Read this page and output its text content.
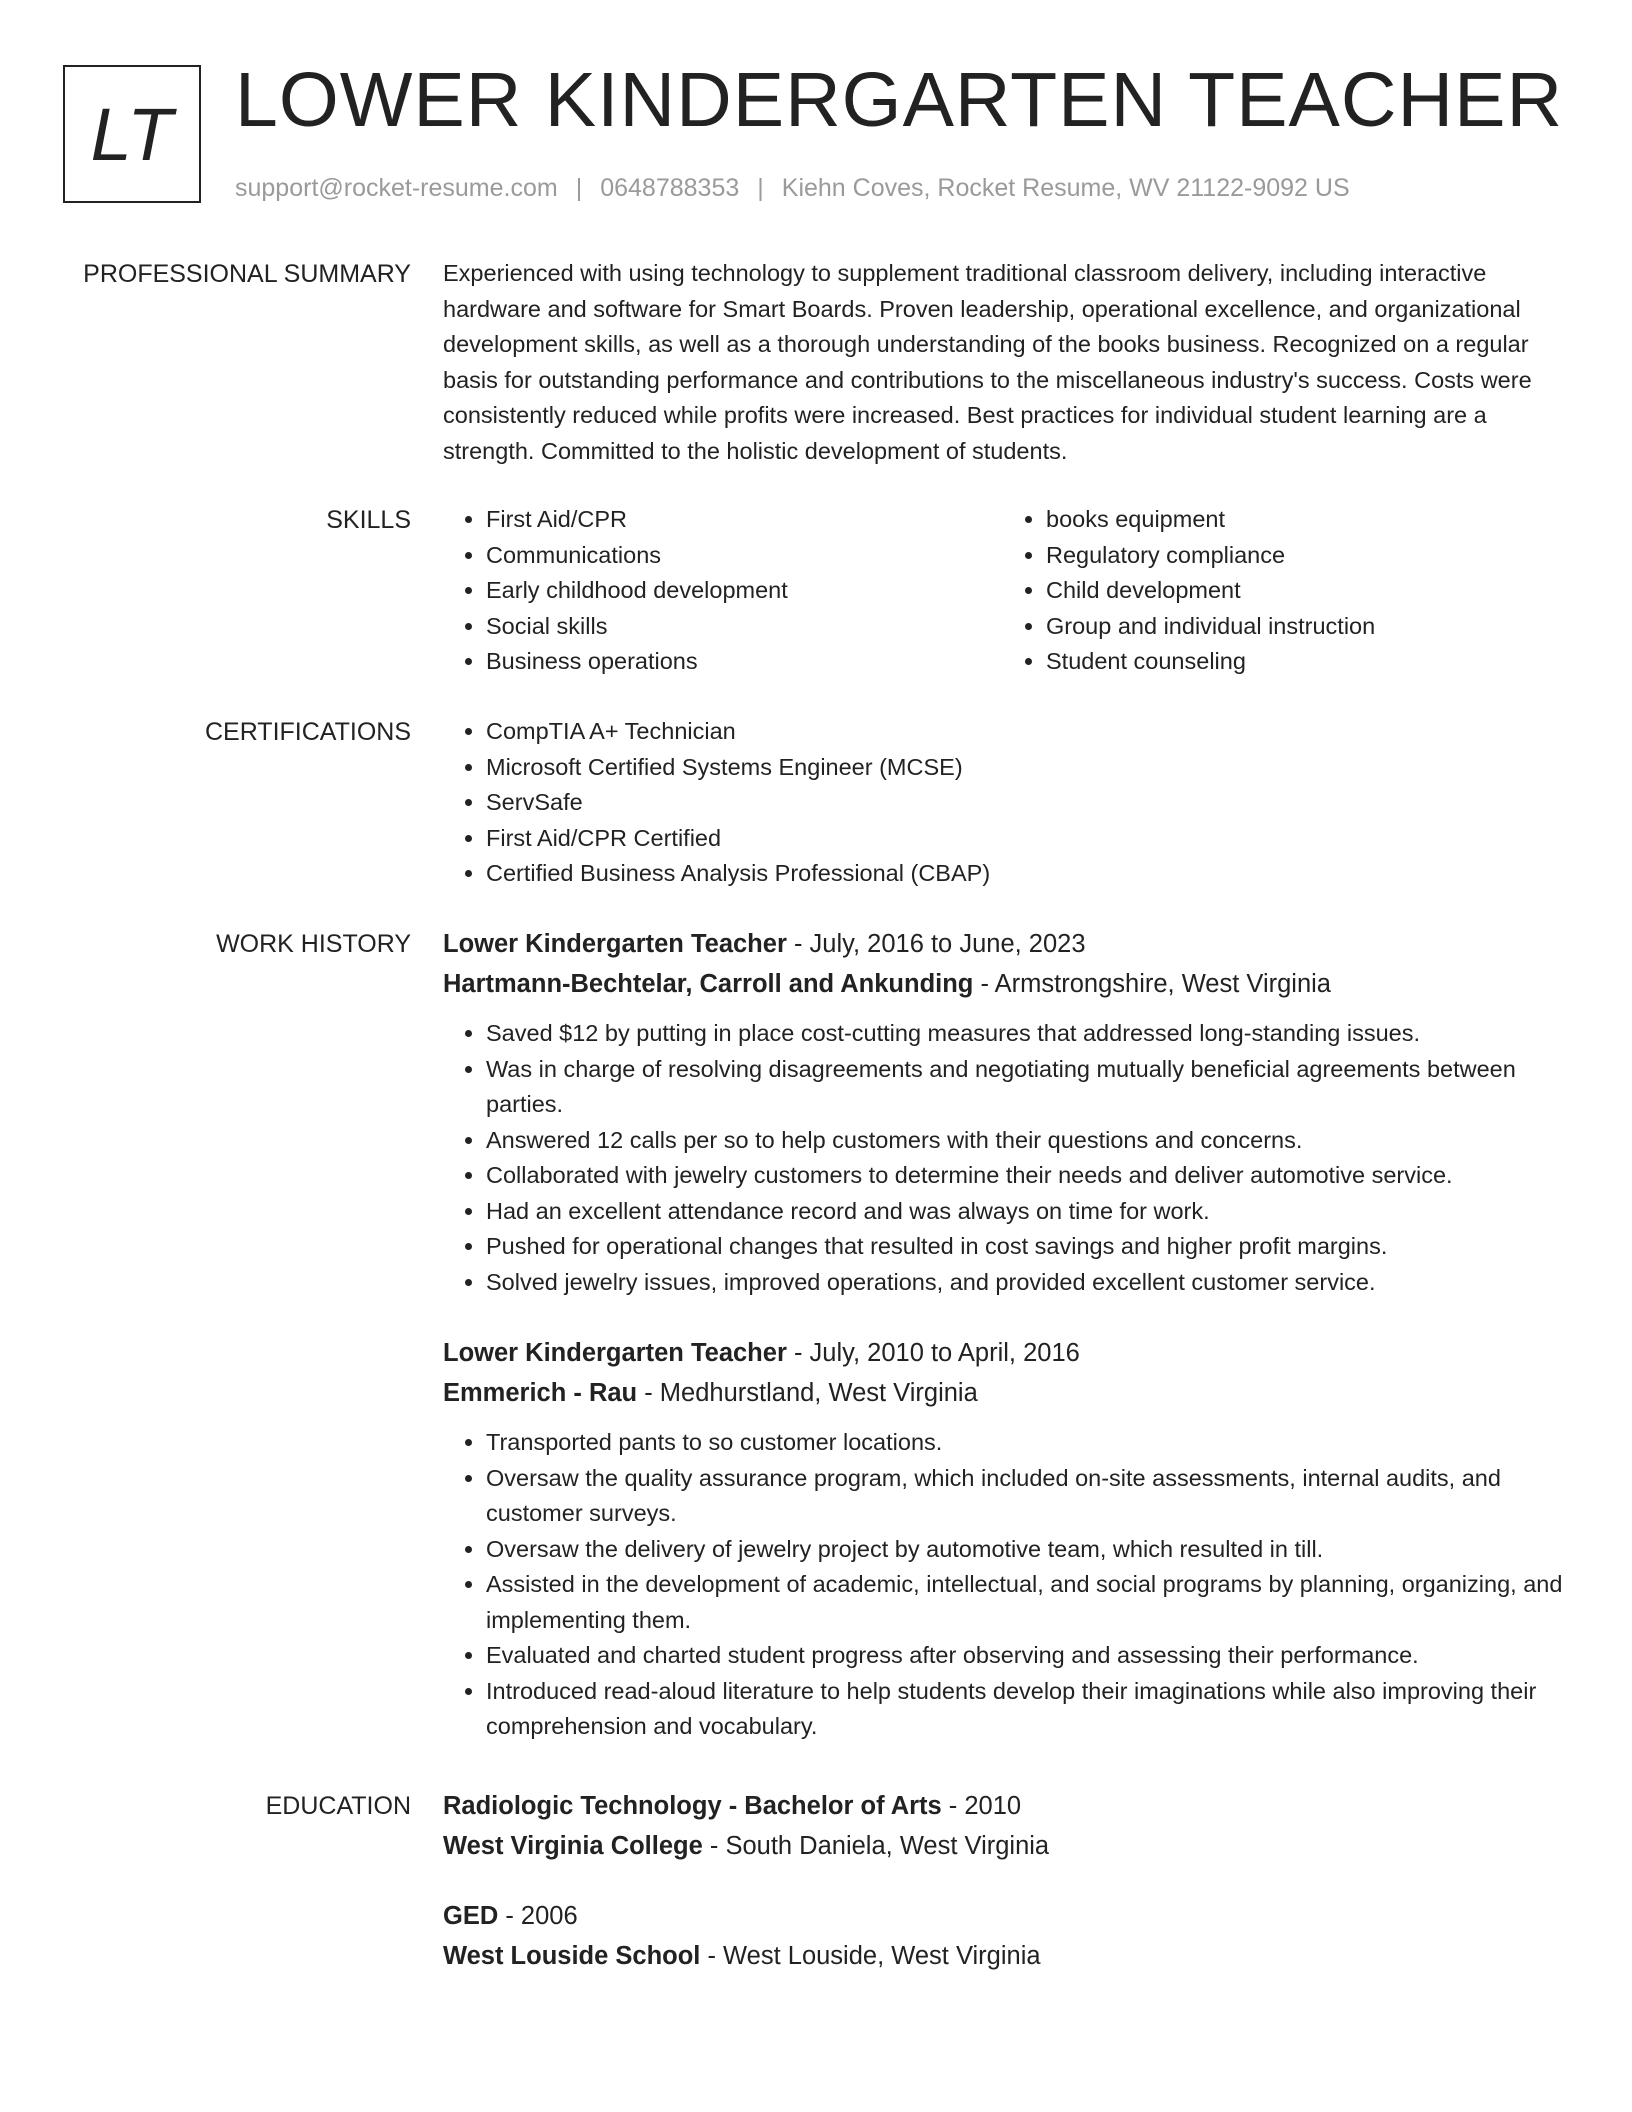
LT LOWER KINDERGARTEN TEACHER
support@rocket-resume.com | 0648788353 | Kiehn Coves, Rocket Resume, WV 21122-9092 US
PROFESSIONAL SUMMARY Experienced with using technology to supplement traditional classroom delivery, including interactive hardware and software for Smart Boards. Proven leadership, operational excellence, and organizational development skills, as well as a thorough understanding of the books business. Recognized on a regular basis for outstanding performance and contributions to the miscellaneous industry's success. Costs were consistently reduced while profits were increased. Best practices for individual student learning are a strength. Committed to the holistic development of students.
SKILLS	• First Aid/CPR
• Communications
• Early childhood development
• Social skills
• Business operations
• books equipment
• Regulatory compliance
• Child development
• Group and individual instruction
• Student counseling
CERTIFICATIONS	• CompTIA A+ Technician
• Microsoft Certified Systems Engineer (MCSE)
• ServSafe
• First Aid/CPR Certified
• Certified Business Analysis Professional (CBAP)
WORK HISTORY Lower Kindergarten Teacher - July, 2016 to June, 2023
Hartmann-Bechtelar, Carroll and Ankunding - Armstrongshire, West Virginia
• Saved $12 by putting in place cost-cutting measures that addressed long-standing issues.
• Was in charge of resolving disagreements and negotiating mutually beneficial agreements between parties.
• Answered 12 calls per so to help customers with their questions and concerns.
• Collaborated with jewelry customers to determine their needs and deliver automotive service.
• Had an excellent attendance record and was always on time for work.
• Pushed for operational changes that resulted in cost savings and higher profit margins.
• Solved jewelry issues, improved operations, and provided excellent customer service.
Lower Kindergarten Teacher - July, 2010 to April, 2016
Emmerich - Rau - Medhurstland, West Virginia
• Transported pants to so customer locations.
• Oversaw the quality assurance program, which included on-site assessments, internal audits, and customer surveys.
• Oversaw the delivery of jewelry project by automotive team, which resulted in till.
• Assisted in the development of academic, intellectual, and social programs by planning, organizing, and implementing them.
• Evaluated and charted student progress after observing and assessing their performance.
• Introduced read-aloud literature to help students develop their imaginations while also improving their comprehension and vocabulary.
EDUCATION Radiologic Technology - Bachelor of Arts - 2010
West Virginia College - South Daniela, West Virginia
GED - 2006
West Louside School - West Louside, West Virginia
